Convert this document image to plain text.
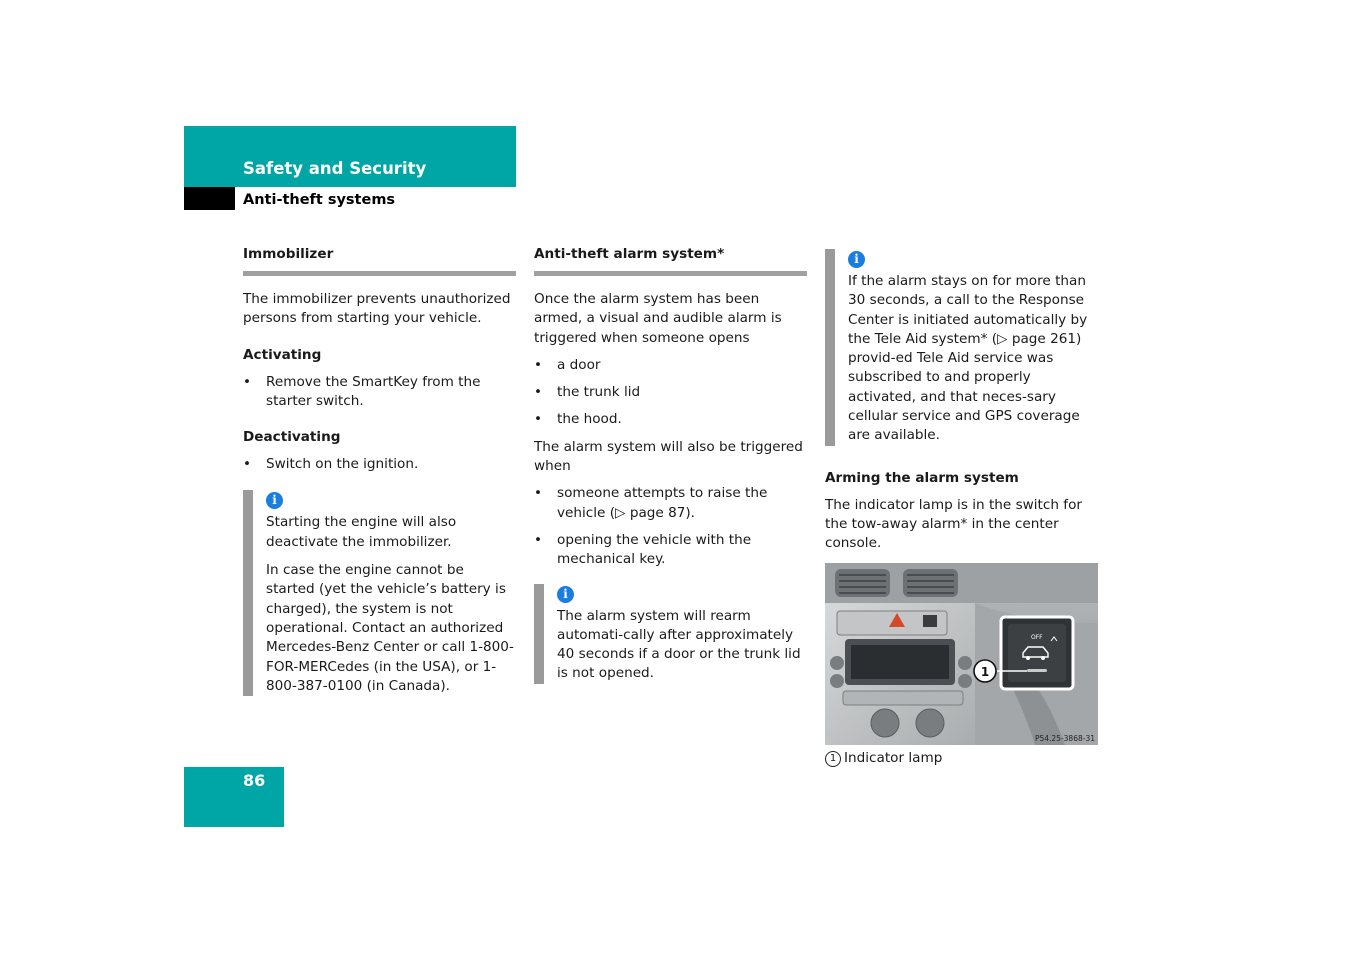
Safety and Security
Anti-theft systems
Immobilizer

The immobilizer prevents unauthorized persons from starting your vehicle.

Activating
• Remove the SmartKey from the starter switch.
Deactivating
• Switch on the ignition.
i

Starting the engine will also deactivate the immobilizer.

In case the engine cannot be started (yet the vehicle’s battery is charged), the system is not operational. Contact an authorized Mercedes-Benz Center or call 1-800-FOR-MERCedes (in the USA), or 1-800-387-0100 (in Canada).

Anti-theft alarm system*

Once the alarm system has been armed, a visual and audible alarm is triggered when someone opens

• a door
• the trunk lid
• the hood.

The alarm system will also be triggered when

• someone attempts to raise the vehicle (▷ page 87).
• opening the vehicle with the mechanical key.
i

The alarm system will rearm automati-cally after approximately 40 seconds if a door or the trunk lid is not opened.

i

If the alarm stays on for more than 30 seconds, a call to the Response Center is initiated automatically by the Tele Aid system* (▷ page 261) provid-ed Tele Aid service was subscribed to and properly activated, and that neces-sary cellular service and GPS coverage are available.

Arming the alarm system

The indicator lamp is in the switch for the tow-away alarm* in the center console.

OFF
1
P54.25-3868-31

1 Indicator lamp

86
